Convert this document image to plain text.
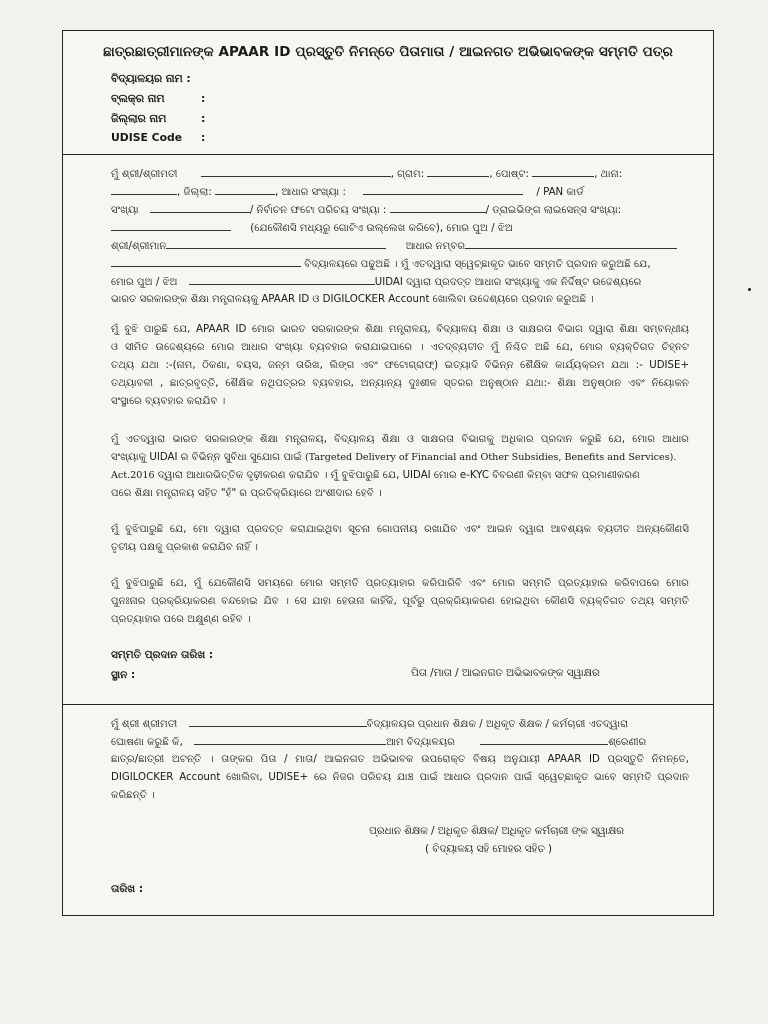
ଛାତ୍ରଛାତ୍ରୀମାନଙ୍କ APAAR ID ପ୍ରସ୍ତୁତି ନିମନ୍ତେ ପିତାମାତା / ଆଇନଗତ ଅଭିଭାବକଙ୍କ ସମ୍ମତି ପତ୍ର
ବିଦ୍ୟାଳୟର ନାମ :
ବ୍ଲକ୍‌ର ନାମ	:
ଜିଲ୍ଲାର ନାମ	:
UDISE Code :
ମୁଁ ଶ୍ରୀ/ଶ୍ରୀମତୀ	, ଗ୍ରାମ:	, ପୋଷ୍ଟ:	, ଥାନା:
, ଜିଲ୍ଲା:	, ଆଧାର ସଂଖ୍ୟା :	/ PAN କାର୍ଡ
ସଂଖ୍ୟା	/ ନିର୍ବାଚନ ଫଟୋ ପରିଚୟ ସଂଖ୍ୟା :	/ ଡ୍ରାଇଭିଙ୍ଗ ଲାଇସେନ୍ସ ସଂଖ୍ୟା:
(ଯେକୌଣସି ମଧ୍ୟରୁ ଗୋଟିଏ ଉଲ୍ଲେଖ କରିବେ), ମୋର ପୁଅ / ଝିଅ
ଶ୍ରୀ/ଶ୍ରୀମାନ	ଆଧାର ନମ୍ବର
ବିଦ୍ୟାଳୟରେ ପଢୁଅଛି । ମୁଁ ଏତଦ୍ୱାରା ସ୍ୱେଚ୍ଛାକୃତ ଭାବେ ସମ୍ମତି ପ୍ରଦାନ କରୁଅଛି ଯେ,
ମୋର ପୁଅ / ଝିଅ	UIDAI ଦ୍ୱାରା ପ୍ରଦତ୍ତ ଆଧାର ସଂଖ୍ୟାକୁ ଏକ ନିର୍ଦ୍ଦିଷ୍ଟ ଉଦ୍ଦେଶ୍ୟରେ
ଭାରତ ସରକାରଙ୍କ ଶିକ୍ଷା ମନ୍ତ୍ରାଳୟକୁ APAAR ID ଓ DIGILOCKER Account ଖୋଲିବା ଉଦ୍ଦେଶ୍ୟରେ ପ୍ରଦାନ କରୁଅଛି ।
ମୁଁ ବୁଝି ପାରୁଛି ଯେ, APAAR ID ମୋର ଭାରତ ସରକାରଙ୍କ ଶିକ୍ଷା ମନ୍ତ୍ରାଳୟ, ବିଦ୍ୟାଳୟ ଶିକ୍ଷା ଓ ସାକ୍ଷରତା ବିଭାଗ ଦ୍ୱାରା ଶିକ୍ଷା ସମ୍ବନ୍ଧୀୟ
ଓ ସୀମିତ ଉଦ୍ଦେଶ୍ୟରେ ମୋର ଆଧାର ସଂଖ୍ୟା ବ୍ୟବହାର କରାଯାଇପାରେ । ଏତଦ୍‌ବ୍ୟତୀତ ମୁଁ ନିଶ୍ଚିତ ଅଛି ଯେ, ମୋର ବ୍ୟକ୍ତିଗତ ଚିହ୍ନଟ
ତଥ୍ୟ ଯଥା :-(ନାମ, ଠିକଣା, ବୟସ, ଜନ୍ମ ତାରିଖ, ଲିଙ୍ଗ ଏବଂ ଫଟୋଗ୍ରାଫ୍) ଇତ୍ୟାଦି ବିଭିନ୍ନ ଶୈକ୍ଷିକ କାର୍ଯ୍ୟକ୍ରମ ଯଥା :- UDISE+
ତଥ୍ୟାବଳୀ , ଛାତ୍ରବୃତ୍ତି, ଶୈକ୍ଷିକ ନଥିପତ୍ରର ବ୍ୟବହାର, ଅନ୍ୟାନ୍ୟ ଦୁଃଶୀଳ ସ୍ତରର ଅନୁଷ୍ଠାନ ଯଥା:- ଶିକ୍ଷା ଅନୁଷ୍ଠାନ ଏବଂ ନିୟୋକନ
ସଂସ୍ଥାରେ ବ୍ୟବହାର କରାଯିବ ।
ମୁଁ ଏତଦ୍ୱାରା ଭାରତ ସରକାରଙ୍କ ଶିକ୍ଷା ମନ୍ତ୍ରାଳୟ, ବିଦ୍ୟାଳୟ ଶିକ୍ଷା ଓ ସାକ୍ଷରତା ବିଭାଗକୁ ଅଧିକାର ପ୍ରଦାନ କରୁଛି ଯେ, ମୋର ଆଧାର
ସଂଖ୍ୟାକୁ UIDAI ର ବିଭିନ୍ନ ସୁବିଧା ସୁଯୋଗ ପାଇଁ (Targeted Delivery of Financial and Other Subsidies, Benefits and Services).
Act.2016 ଦ୍ୱାରା ଆଧାରଭିତ୍ତିକ ଦୃଢ଼ୀକରଣ କରାଯିବ । ମୁଁ ବୁଝିପାରୁଛି ଯେ, UIDAI ମୋର e-KYC ବିବରଣୀ କିମ୍ବା ସଫଳ ପ୍ରମାଣୀକରଣ
ପରେ ଶିକ୍ଷା ମନ୍ତ୍ରାଳୟ ସହିତ "ହଁ" ର ପ୍ରତିକ୍ରିୟାରେ ଅଂଶୀଦାର ହେବି ।
ମୁଁ ବୁଝିପାରୁଛି ଯେ, ମୋ ଦ୍ୱାରା ପ୍ରଦତ୍ତ କରାଯାଇଥିବା ସୂଚନା ଗୋପନୀୟ ରଖାଯିବ ଏବଂ ଆଇନ ଦ୍ୱାରା ଆବଶ୍ୟକ ବ୍ୟତୀତ ଅନ୍ୟକୌଣସି
ତୃତୀୟ ପକ୍ଷକୁ ପ୍ରକାଶ କରାଯିବ ନାହିଁ ।
ମୁଁ ବୁଝିପାରୁଛି ଯେ, ମୁଁ ଯେକୌଣସି ସମୟରେ ମୋର ସମ୍ମତି ପ୍ରତ୍ୟାହାର କରିପାରିବି ଏବଂ ମୋର ସମ୍ମତି ପ୍ରତ୍ୟାହାର କରିବାପରେ ମୋର
ପୁନଃନାର ପ୍ରକ୍ରିୟାକରଣ ବନ୍ଦହୋଇ ଯିବ । ସେ ଯାହା ହେଉନା କାହିଁକି, ପୂର୍ବରୁ ପ୍ରକ୍ରିୟାକରଣ ହୋଇଥିବା କୌଣସି ବ୍ୟକ୍ତିଗତ ତଥ୍ୟ ସମ୍ମତି
ପ୍ରତ୍ୟାହାର ପରେ ଅକ୍ଷୁଣ୍ଣ ରହିବ ।
ସମ୍ମତି ପ୍ରଦାନ ତାରିଖ :
ସ୍ଥାନ :	ପିତା /ମାତା / ଆଇନଗତ ଅଭିଭାବକଙ୍କ ସ୍ୱାକ୍ଷର
ମୁଁ ଶ୍ରୀ ଶ୍ରୀମତୀ	ବିଦ୍ୟାଳୟର ପ୍ରଧାନ ଶିକ୍ଷକ / ଅଧିକୃତ ଶିକ୍ଷକ / କର୍ମଚାରୀ ଏତଦ୍ୱାରା
ଘୋଷଣା କରୁଛି କି,	ଆମ ବିଦ୍ୟାଳୟର	ଶ୍ରେଣୀର
ଛାତ୍ର/ଛାତ୍ରୀ ଅଟନ୍ତି । ତାଙ୍କର ପିତା / ମାତା/ ଆଇନଗତ ଅଭିଭାବକ ଉପରୋକ୍ତ ବିଷୟ ଅନୁଯାୟୀ APAAR ID ପ୍ରସ୍ତୁତି ନିମନ୍ତେ,
DIGILOCKER Account ଖୋଲିବା, UDISE+ ରେ ନିଜର ପରିଚୟ ଯାଞ୍ଚ ପାଇଁ ଆଧାର ପ୍ରଦାନ ପାଇଁ ସ୍ୱେଚ୍ଛାକୃତ ଭାବେ ସମ୍ମତି ପ୍ରଦାନ
କରିଛନ୍ତି ।
ପ୍ରଧାନ ଶିକ୍ଷକ / ଅଧିକୃତ ଶିକ୍ଷକ/ ଅଧିକୃତ କର୍ମଚାରୀ ଙ୍କ ସ୍ୱାକ୍ଷର
( ବିଦ୍ୟାଳୟ ସହି ମୋହର ସହିତ )
ତାରିଖ :
